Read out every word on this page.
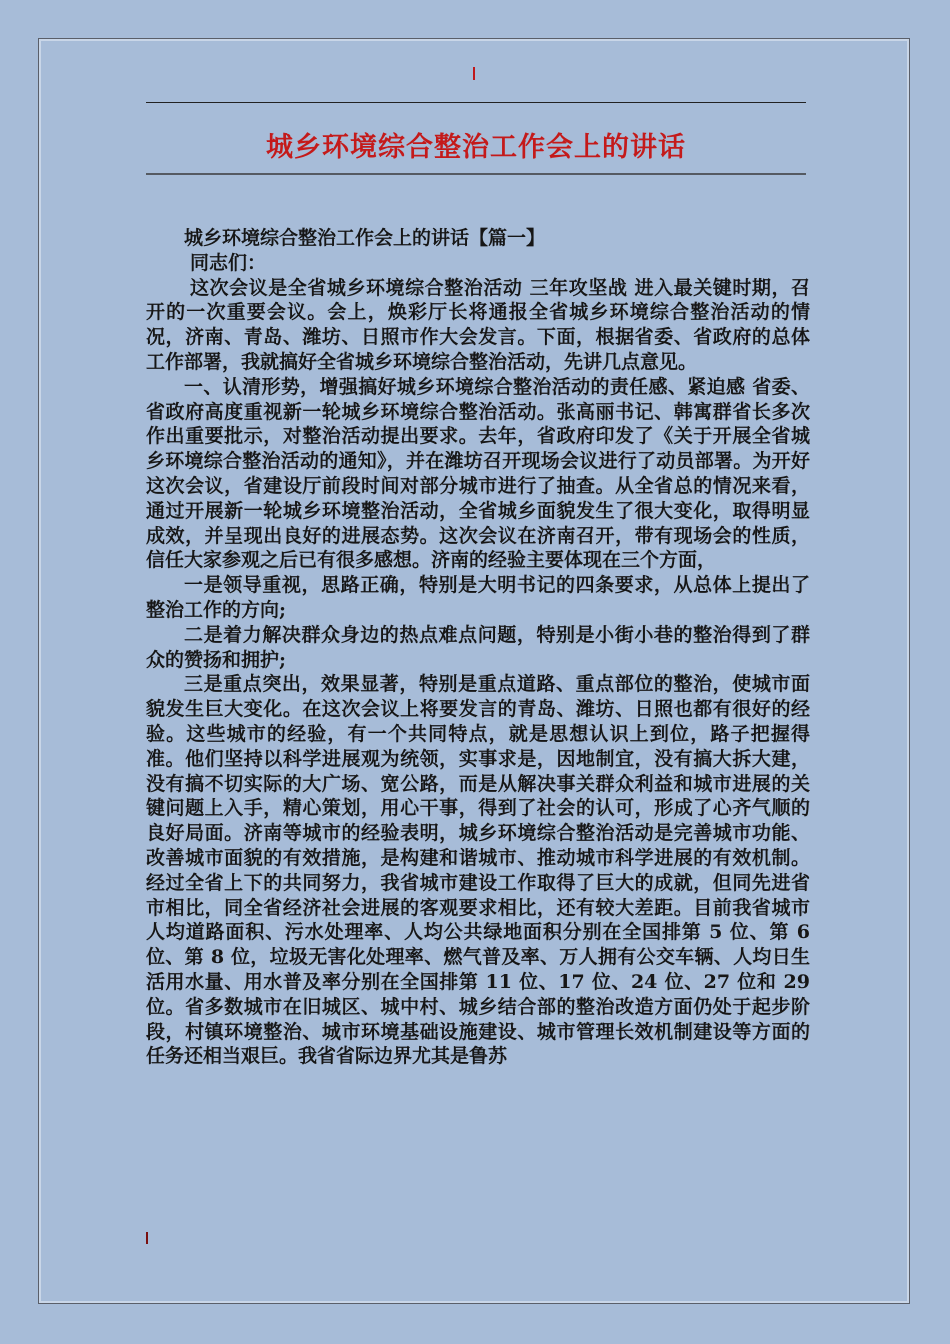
城乡环境综合整治工作会上的讲话

城乡环境综合整治工作会上的讲话【篇一】

同志们：

这次会议是全省城乡环境综合整治活动 三年攻坚战 进入最关键时期，召开的一次重要会议。会上，焕彩厅长将通报全省城乡环境综合整治活动的情况，济南、青岛、潍坊、日照市作大会发言。下面，根据省委、省政府的总体工作部署，我就搞好全省城乡环境综合整治活动，先讲几点意见。

一、认清形势，增强搞好城乡环境综合整治活动的责任感、紧迫感 省委、省政府高度重视新一轮城乡环境综合整治活动。张高丽书记、韩寓群省长多次作出重要批示，对整治活动提出要求。去年，省政府印发了《关于开展全省城乡环境综合整治活动的通知》，并在潍坊召开现场会议进行了动员部署。为开好这次会议，省建设厅前段时间对部分城市进行了抽查。从全省总的情况来看，通过开展新一轮城乡环境整治活动，全省城乡面貌发生了很大变化，取得明显成效，并呈现出良好的进展态势。这次会议在济南召开，带有现场会的性质，信任大家参观之后已有很多感想。济南的经验主要体现在三个方面，

一是领导重视，思路正确，特别是大明书记的四条要求，从总体上提出了整治工作的方向;

二是着力解决群众身边的热点难点问题，特别是小街小巷的整治得到了群众的赞扬和拥护;

三是重点突出，效果显著，特别是重点道路、重点部位的整治，使城市面貌发生巨大变化。在这次会议上将要发言的青岛、潍坊、日照也都有很好的经验。这些城市的经验，有一个共同特点，就是思想认识上到位，路子把握得准。他们坚持以科学进展观为统领，实事求是，因地制宜，没有搞大拆大建，没有搞不切实际的大广场、宽公路，而是从解决事关群众利益和城市进展的关键问题上入手，精心策划，用心干事，得到了社会的认可，形成了心齐气顺的良好局面。济南等城市的经验表明，城乡环境综合整治活动是完善城市功能、改善城市面貌的有效措施，是构建和谐城市、推动城市科学进展的有效机制。经过全省上下的共同努力，我省城市建设工作取得了巨大的成就，但同先进省市相比，同全省经济社会进展的客观要求相比，还有较大差距。目前我省城市人均道路面积、污水处理率、人均公共绿地面积分别在全国排第 5 位、第 6 位、第 8 位，垃圾无害化处理率、燃气普及率、万人拥有公交车辆、人均日生活用水量、用水普及率分别在全国排第 11 位、17 位、24 位、27 位和 29 位。省多数城市在旧城区、城中村、城乡结合部的整治改造方面仍处于起步阶段，村镇环境整治、城市环境基础设施建设、城市管理长效机制建设等方面的任务还相当艰巨。我省省际边界尤其是鲁苏
